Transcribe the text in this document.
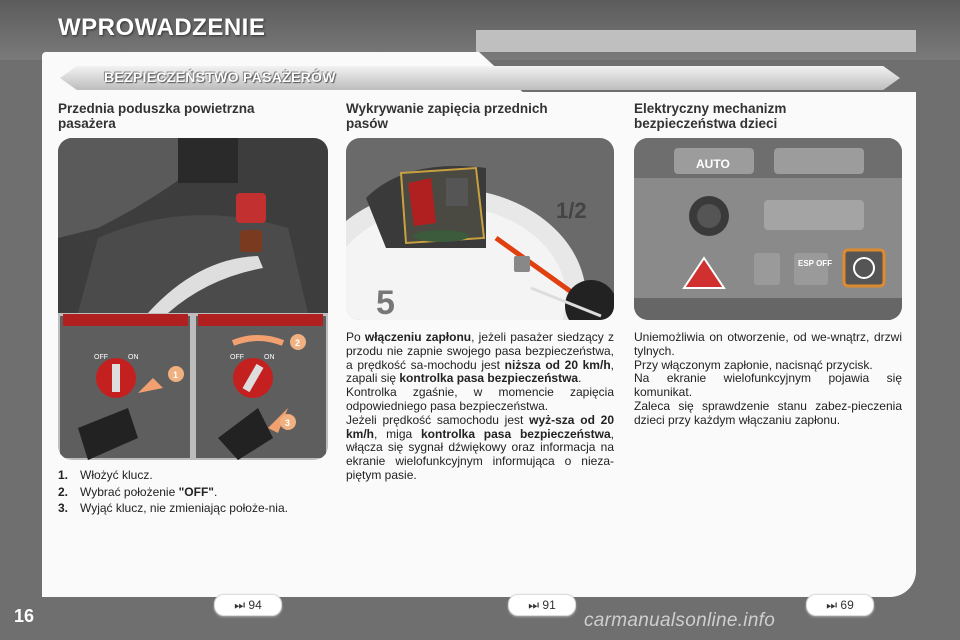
WPROWADZENIE
BEZPIECZEŃSTWO PASAŻERÓW
Przednia poduszka powietrzna
pasażera
Wykrywanie zapięcia przednich
pasów
Elektryczny mechanizm
bezpieczeństwa dzieci
OFF	ON	OFF	ON
1
2
3
1/2
5
AUTO
ESP OFF
1. Włożyć klucz.
2. Wybrać położenie "OFF".
3. Wyjąć klucz, nie zmieniając położe-nia.
Po włączeniu zapłonu, jeżeli pasażer siedzący z przodu nie zapnie swojego pasa bezpieczeństwa, a prędkość sa-mochodu jest niższa od 20 km/h, zapali się kontrolka pasa bezpieczeństwa.
Kontrolka zgaśnie, w momencie zapięcia odpowiedniego pasa bezpieczeństwa.
Jeżeli prędkość samochodu jest wyż-sza od 20 km/h, miga kontrolka pasa bezpieczeństwa, włącza się sygnał dźwiękowy oraz informacja na ekranie wielofunkcyjnym informująca o nieza-piętym pasie.
Uniemożliwia on otworzenie, od we-wnątrz, drzwi tylnych.
Przy włączonym zapłonie, nacisnąć przycisk.
Na ekranie wielofunkcyjnym pojawia się komunikat.
Zaleca się sprawdzenie stanu zabez-pieczenia dzieci przy każdym włączaniu zapłonu.
⏭ 94	⏭ 91	⏭ 69
16	carmanualsonline.info
